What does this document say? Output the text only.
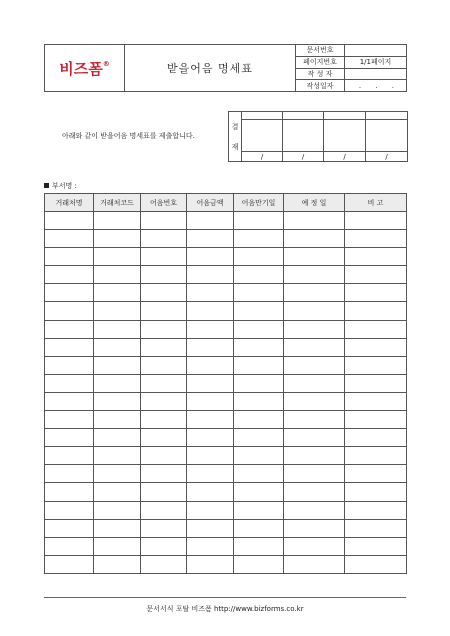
비즈폼®	받을어음 명세표	문서번호	
		페이지번호	1/1페이지
		작 성 자	
		작성일자	. . .
아래와 같이 받을어음 명세표를 제출합니다.
결

재				

	/	/	/	/
부서명 :
거래처명	거래처코드	어음번호	어음금액	어음만기일	예 정 일	비 고

문서서식 포탈 비즈폼 http://www.bizforms.co.kr
